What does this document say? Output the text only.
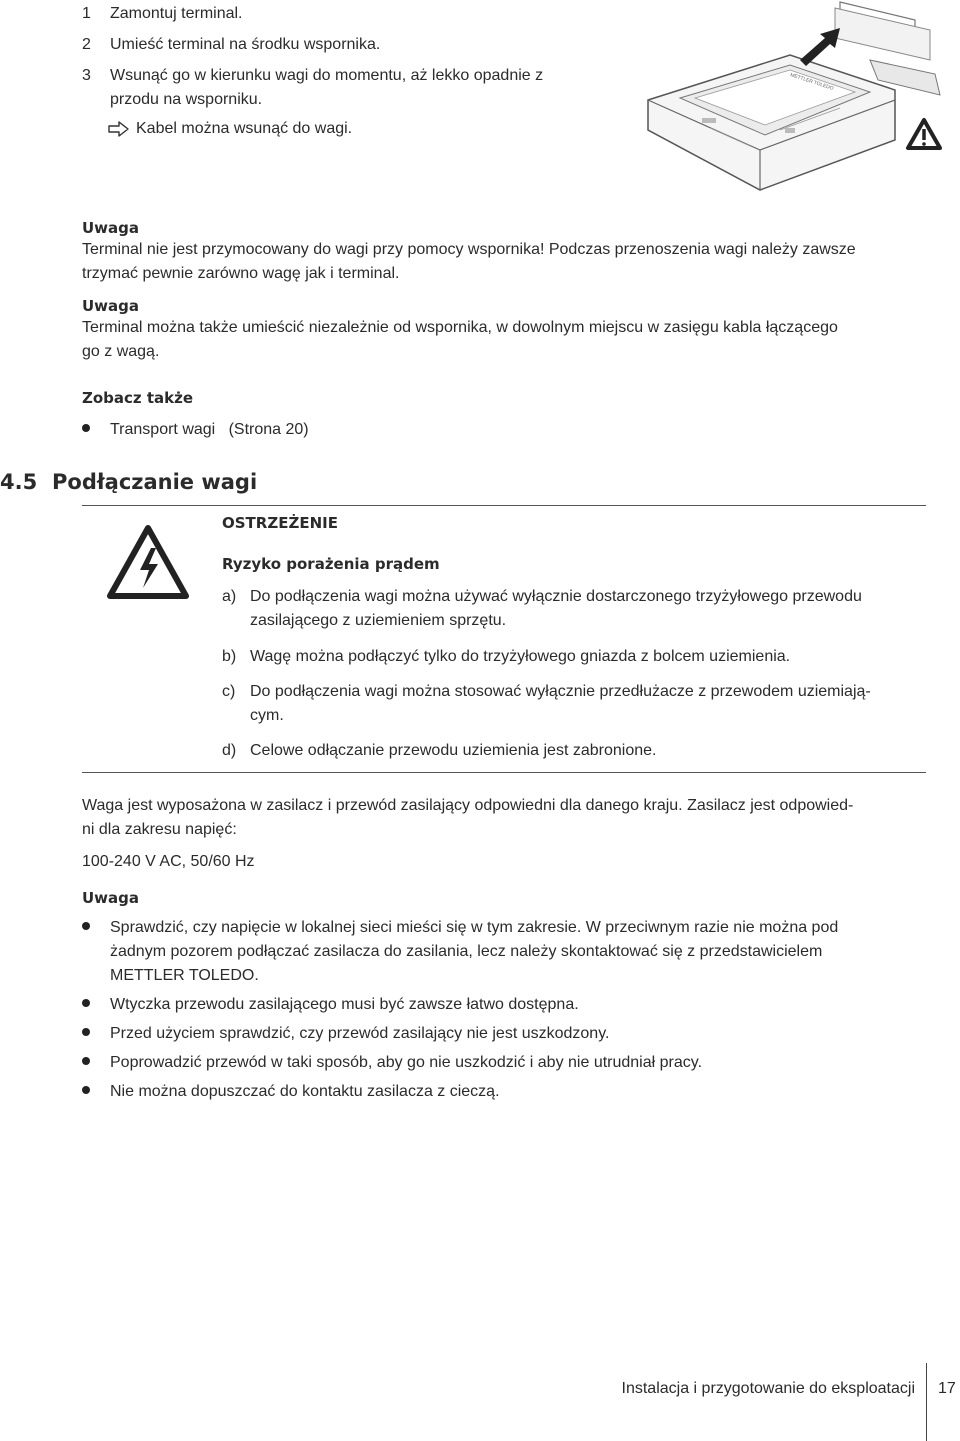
1 Zamontuj terminal.
2 Umieść terminal na środku wspornika.
3 Wsunąć go w kierunku wagi do momentu, aż lekko opadnie z
przodu na wsporniku.
Kabel można wsunąć do wagi.
METTLER TOLEDO
Uwaga
Terminal nie jest przymocowany do wagi przy pomocy wspornika! Podczas przenoszenia wagi należy zawsze
trzymać pewnie zarówno wagę jak i terminal.
Uwaga
Terminal można także umieścić niezależnie od wspornika, w dowolnym miejscu w zasięgu kabla łączącego
go z wagą.
Zobacz także
Transport wagi   (Strona 20)
4.5 Podłączanie wagi
OSTRZEŻENIE
Ryzyko porażenia prądem
a) Do podłączenia wagi można używać wyłącznie dostarczonego trzyżyłowego przewodu
zasilającego z uziemieniem sprzętu.
b) Wagę można podłączyć tylko do trzyżyłowego gniazda z bolcem uziemienia.
c) Do podłączenia wagi można stosować wyłącznie przedłużacze z przewodem uziemiają-
cym.
d) Celowe odłączanie przewodu uziemienia jest zabronione.
Waga jest wyposażona w zasilacz i przewód zasilający odpowiedni dla danego kraju. Zasilacz jest odpowied-
ni dla zakresu napięć:
100-240 V AC, 50/60 Hz
Uwaga
Sprawdzić, czy napięcie w lokalnej sieci mieści się w tym zakresie. W przeciwnym razie nie można pod
żadnym pozorem podłączać zasilacza do zasilania, lecz należy skontaktować się z przedstawicielem
METTLER TOLEDO.
Wtyczka przewodu zasilającego musi być zawsze łatwo dostępna.
Przed użyciem sprawdzić, czy przewód zasilający nie jest uszkodzony.
Poprowadzić przewód w taki sposób, aby go nie uszkodzić i aby nie utrudniał pracy.
Nie można dopuszczać do kontaktu zasilacza z cieczą.
Instalacja i przygotowanie do eksploatacji 17
